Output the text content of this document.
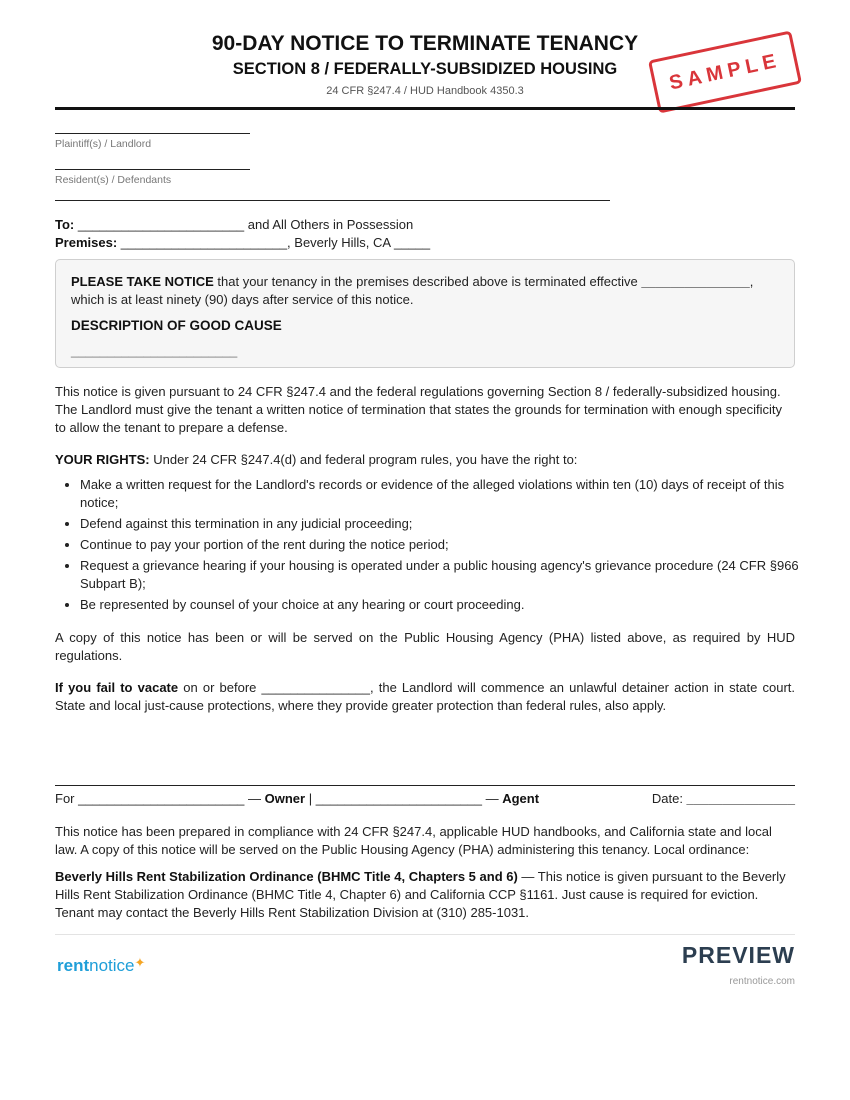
90-DAY NOTICE TO TERMINATE TENANCY
SECTION 8 / FEDERALLY-SUBSIDIZED HOUSING
24 CFR §247.4 / HUD Handbook 4350.3	SAMPLE
Plaintiff(s) / Landlord
Resident(s) / Defendants
To: _______________________ and All Others in Possession
Premises: _______________________, Beverly Hills, CA _____
PLEASE TAKE NOTICE that your tenancy in the premises described above is terminated effective _______________, which is at least ninety (90) days after service of this notice.
DESCRIPTION OF GOOD CAUSE
_______________________
This notice is given pursuant to 24 CFR §247.4 and the federal regulations governing Section 8 / federally-subsidized housing. The Landlord must give the tenant a written notice of termination that states the grounds for termination with enough specificity to allow the tenant to prepare a defense.
YOUR RIGHTS: Under 24 CFR §247.4(d) and federal program rules, you have the right to:
• Make a written request for the Landlord's records or evidence of the alleged violations within ten (10) days of receipt of this notice;
• Defend against this termination in any judicial proceeding;
• Continue to pay your portion of the rent during the notice period;
• Request a grievance hearing if your housing is operated under a public housing agency's grievance procedure (24 CFR §966 Subpart B);
• Be represented by counsel of your choice at any hearing or court proceeding.
A copy of this notice has been or will be served on the Public Housing Agency (PHA) listed above, as required by HUD regulations.
If you fail to vacate on or before _______________, the Landlord will commence an unlawful detainer action in state court. State and local just-cause protections, where they provide greater protection than federal rules, also apply.
For _______________________ — Owner | _______________________ — Agent	Date: _______________
This notice has been prepared in compliance with 24 CFR §247.4, applicable HUD handbooks, and California state and local law. A copy of this notice will be served on the Public Housing Agency (PHA) administering this tenancy. Local ordinance:
Beverly Hills Rent Stabilization Ordinance (BHMC Title 4, Chapters 5 and 6) — This notice is given pursuant to the Beverly Hills Rent Stabilization Ordinance (BHMC Title 4, Chapter 6) and California CCP §1161. Just cause is required for eviction. Tenant may contact the Beverly Hills Rent Stabilization Division at (310) 285-1031.
rentnotice✦	PREVIEW
rentnotice.com
